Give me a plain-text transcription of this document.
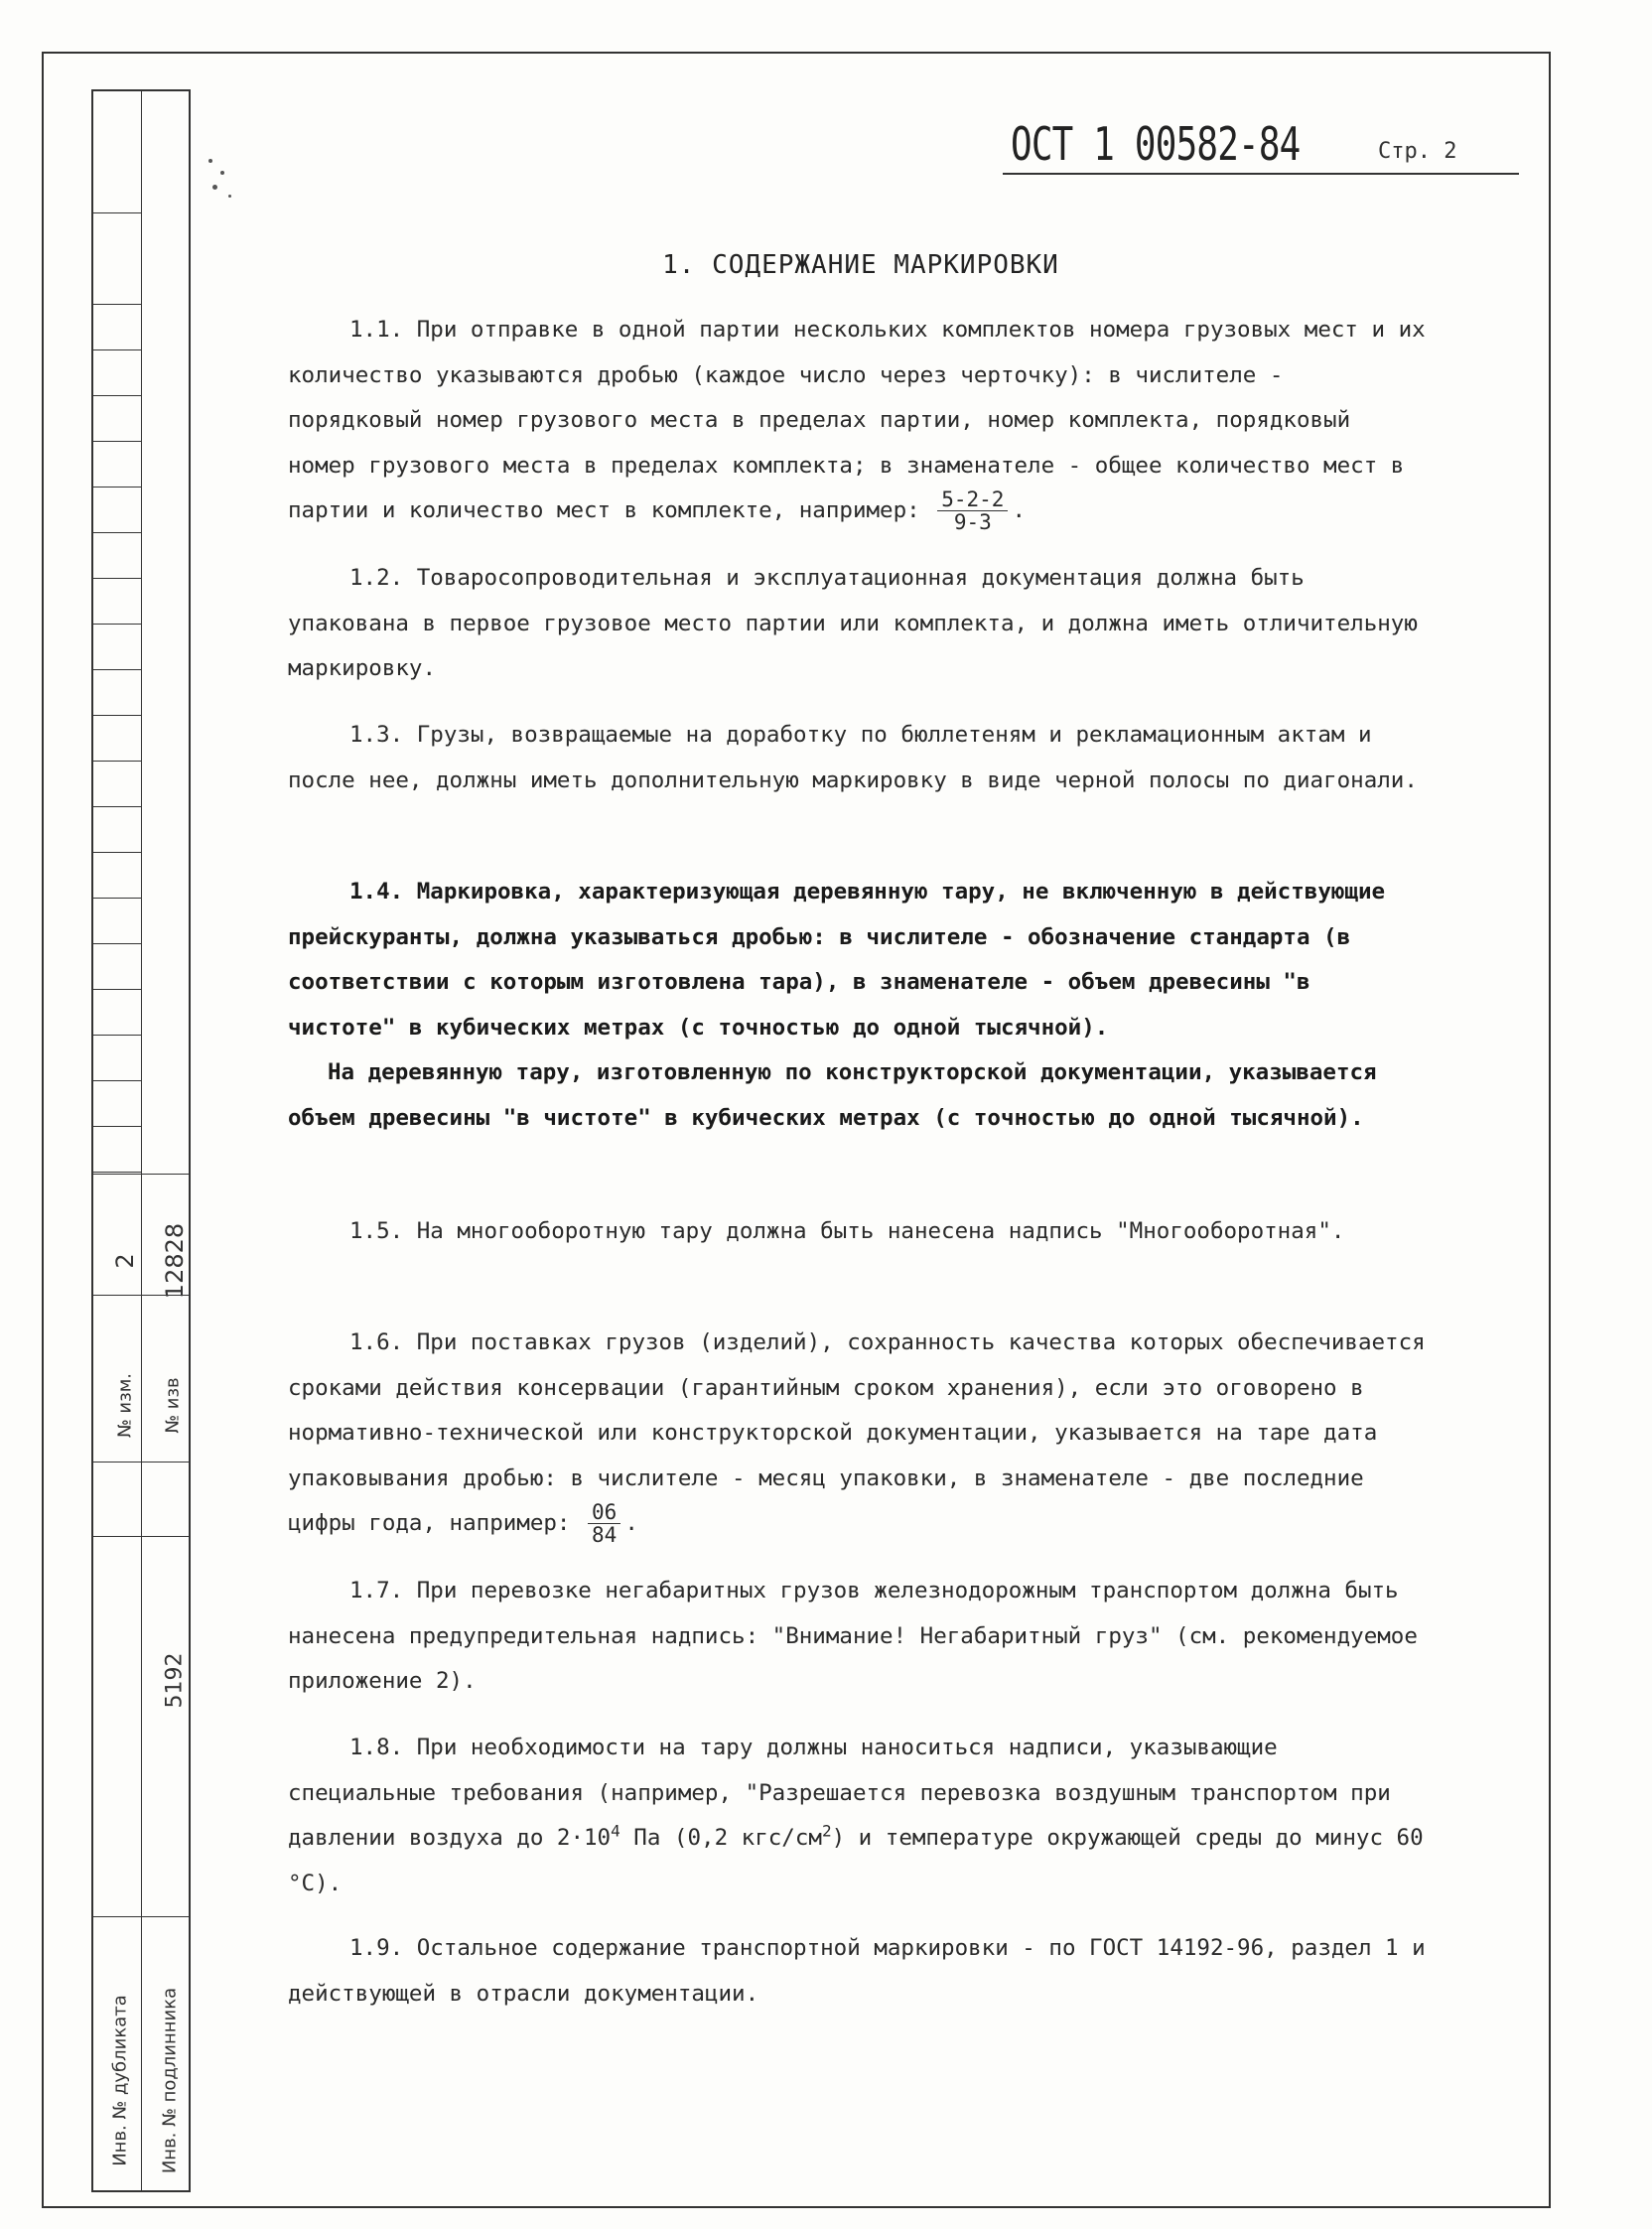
№ изм.
2
№ изв
12828
5192
Инв. № дубликата Инв. № подлинника
ОСТ 1 00582-84	Стр. 2
1. СОДЕРЖАНИЕ МАРКИРОВКИ
1.1. При отправке в одной партии нескольких комплектов номера грузовых мест и их количество указываются дробью (каждое число через черточку): в числителе - порядковый номер грузового места в пределах партии, номер комплекта, порядковый номер грузового места в пределах комплекта; в знаменателе - общее количество мест в партии и количество мест в комплекте, например: $\frac{5-2-2}{9-3}$ .
1.2. Товаросопроводительная и эксплуатационная документация должна быть упакована в первое грузовое место партии или комплекта, и должна иметь отличительную маркировку.
1.3. Грузы, возвращаемые на доработку по бюллетеням и рекламационным актам и после нее, должны иметь дополнительную маркировку в виде черной полосы по диагонали.
1.4. Маркировка, характеризующая деревянную тару, не включенную в действующие прейскуранты, должна указываться дробью: в числителе - обозначение стандарта (в соответствии с которым изготовлена тара), в знаменателе - объем древесины "в чистоте" в кубических метрах (с точностью до одной тысячной).
На деревянную тару, изготовленную по конструкторской документации, указывается объем древесины "в чистоте" в кубических метрах (с точностью до одной тысячной).
1.5. На многооборотную тару должна быть нанесена надпись "Многооборотная".
1.6. При поставках грузов (изделий), сохранность качества которых обеспечивается сроками действия консервации (гарантийным сроком хранения), если это оговорено в нормативно-технической или конструкторской документации, указывается на таре дата упаковывания дробью: в числителе - месяц упаковки, в знаменателе - две последние цифры года, например: $\frac{06}{84}$ .
1.7. При перевозке негабаритных грузов железнодорожным транспортом должна быть нанесена предупредительная надпись: "Внимание! Негабаритный груз" (см. рекомендуемое приложение 2).
1.8. При необходимости на тару должны наноситься надписи, указывающие специальные требования (например, "Разрешается перевозка воздушным транспортом при давлении воздуха до $2\cdot 10^4$ Па (0,2 кгс/$см^2$) и температуре окружающей среды до минус 60 °С).
1.9. Остальное содержание транспортной маркировки - по ГОСТ 14192-96, раздел 1 и действующей в отрасли документации.
